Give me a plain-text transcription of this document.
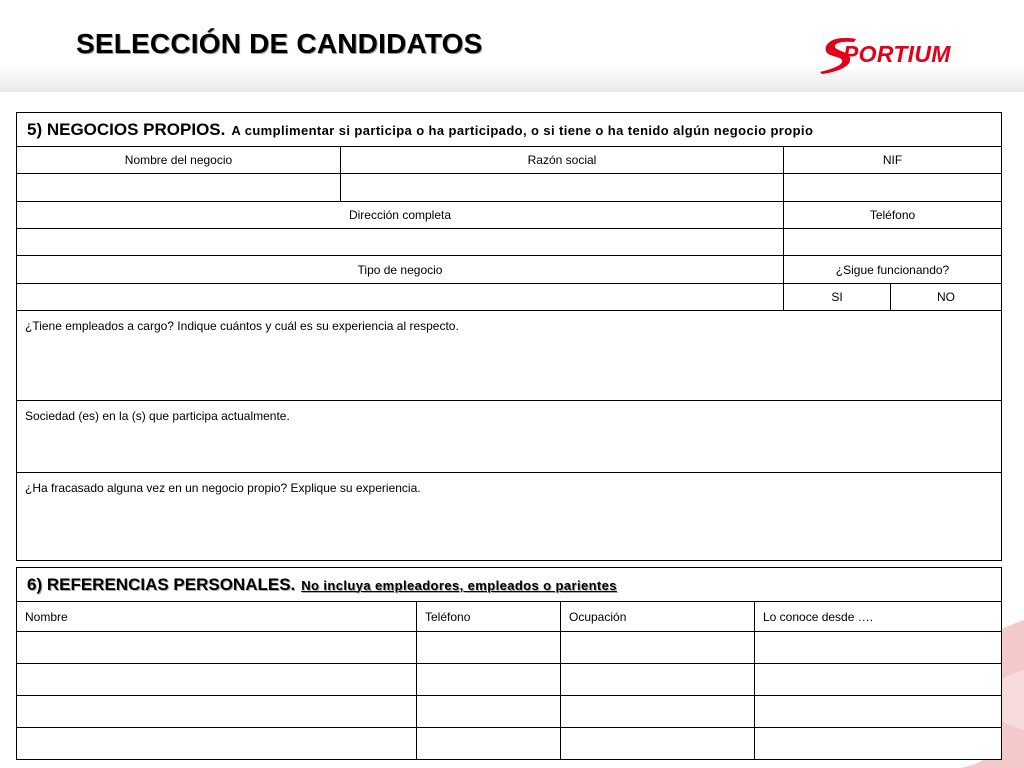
SELECCIÓN DE CANDIDATOS	PORTIUM
5) NEGOCIOS PROPIOS. A cumplimentar si participa o ha participado, o si tiene o ha tenido algún negocio propio			
Nombre del negocio	Razón social	NIF	

Dirección completa		Teléfono	

Tipo de negocio		¿Sigue funcionando?	
		SI	NO
¿Tiene empleados a cargo? Indique cuántos y cuál es su experiencia al respecto.			
Sociedad (es) en la (s) que participa actualmente.			
¿Ha fracasado alguna vez en un negocio propio? Explique su experiencia.			
6) REFERENCIAS PERSONALES. No incluya empleadores, empleados o parientes			
Nombre	Teléfono	Ocupación	Lo conoce desde ….
